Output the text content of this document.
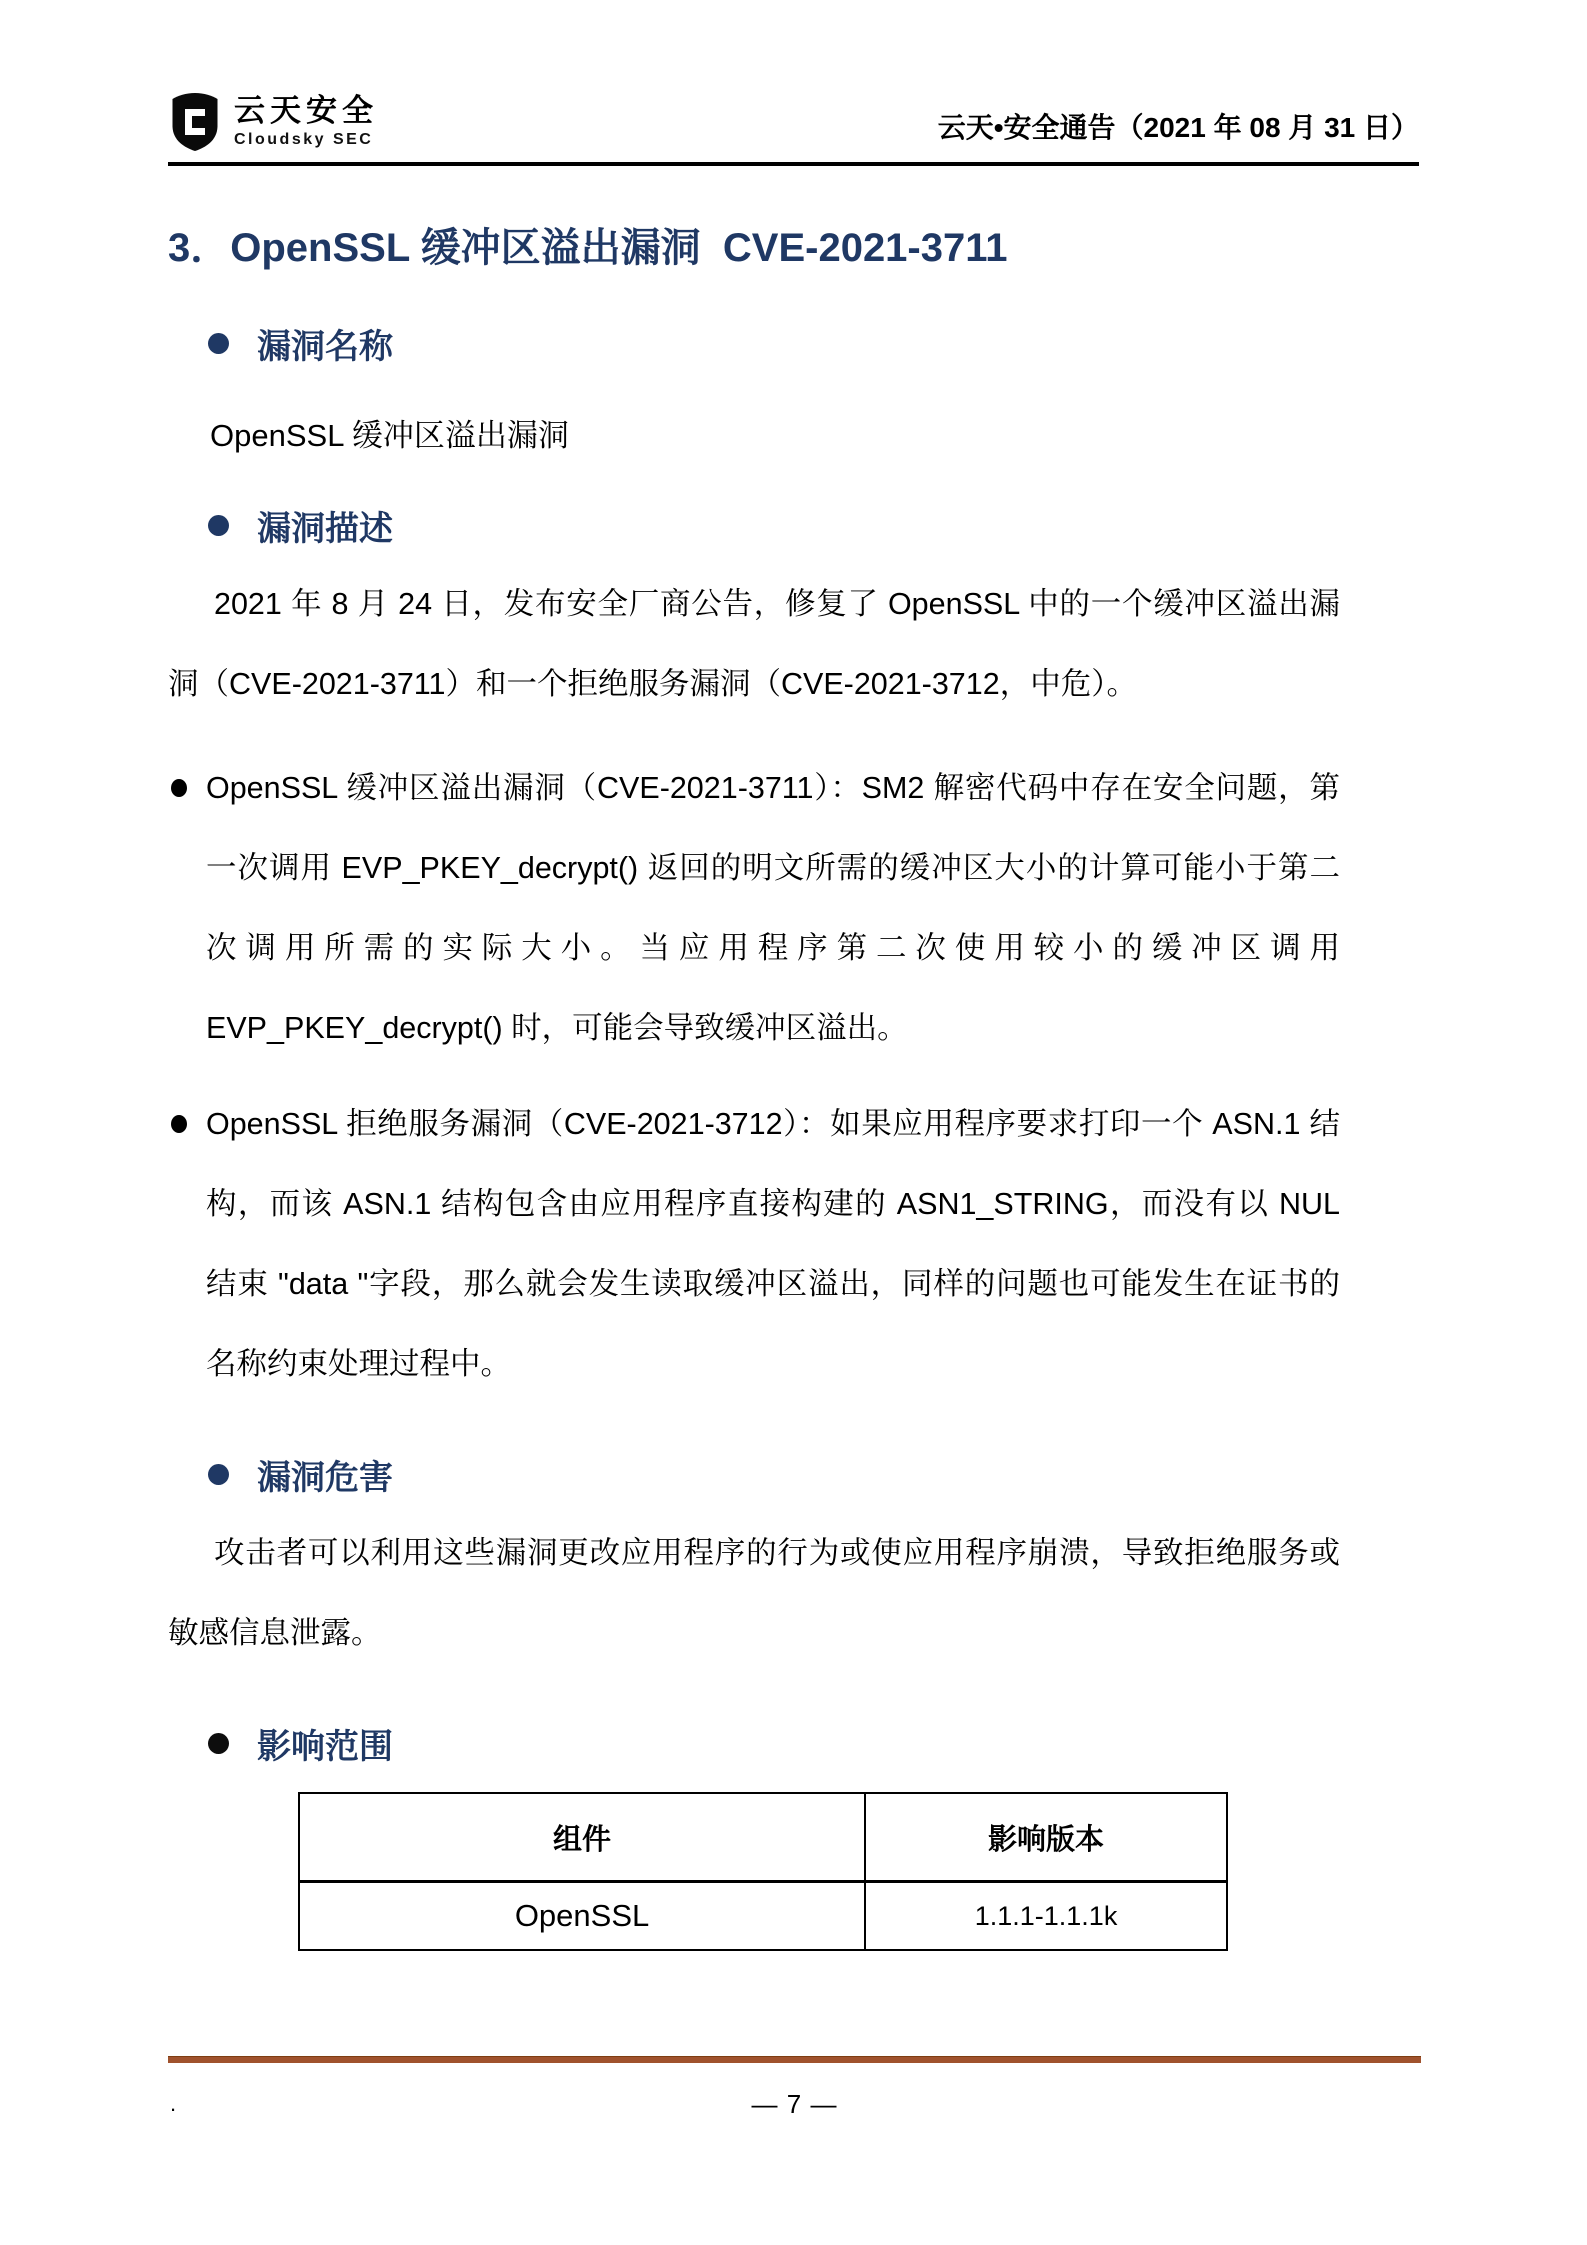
云天安全
Cloudsky SEC	云天•安全通告（2021 年 08 月 31 日）
3．OpenSSL 缓冲区溢出漏洞  CVE-2021-3711
漏洞名称
OpenSSL 缓冲区溢出漏洞
漏洞描述

2021 年 8 月 24 日，发布安全厂商公告，修复了 OpenSSL 中的一个缓冲区溢出漏洞（CVE-2021-3711）和一个拒绝服务漏洞（CVE-2021-3712，中危）。

OpenSSL 缓冲区溢出漏洞（CVE-2021-3711）：SM2 解密代码中存在安全问题，第一次调用 EVP_PKEY_decrypt() 返回的明文所需的缓冲区大小的计算可能小于第二次调用所需的实际大小。当应用程序第二次使用较小的缓冲区调用 EVP_PKEY_decrypt() 时，可能会导致缓冲区溢出。
OpenSSL 拒绝服务漏洞（CVE-2021-3712）：如果应用程序要求打印一个 ASN.1 结构，而该 ASN.1 结构包含由应用程序直接构建的 ASN1_STRING，而没有以 NUL 结束 "data "字段，那么就会发生读取缓冲区溢出，同样的问题也可能发生在证书的名称约束处理过程中。
漏洞危害

攻击者可以利用这些漏洞更改应用程序的行为或使应用程序崩溃，导致拒绝服务或敏感信息泄露。

影响范围
组件	影响版本
OpenSSL	1.1.1-1.1.1k
.	— 7 —
